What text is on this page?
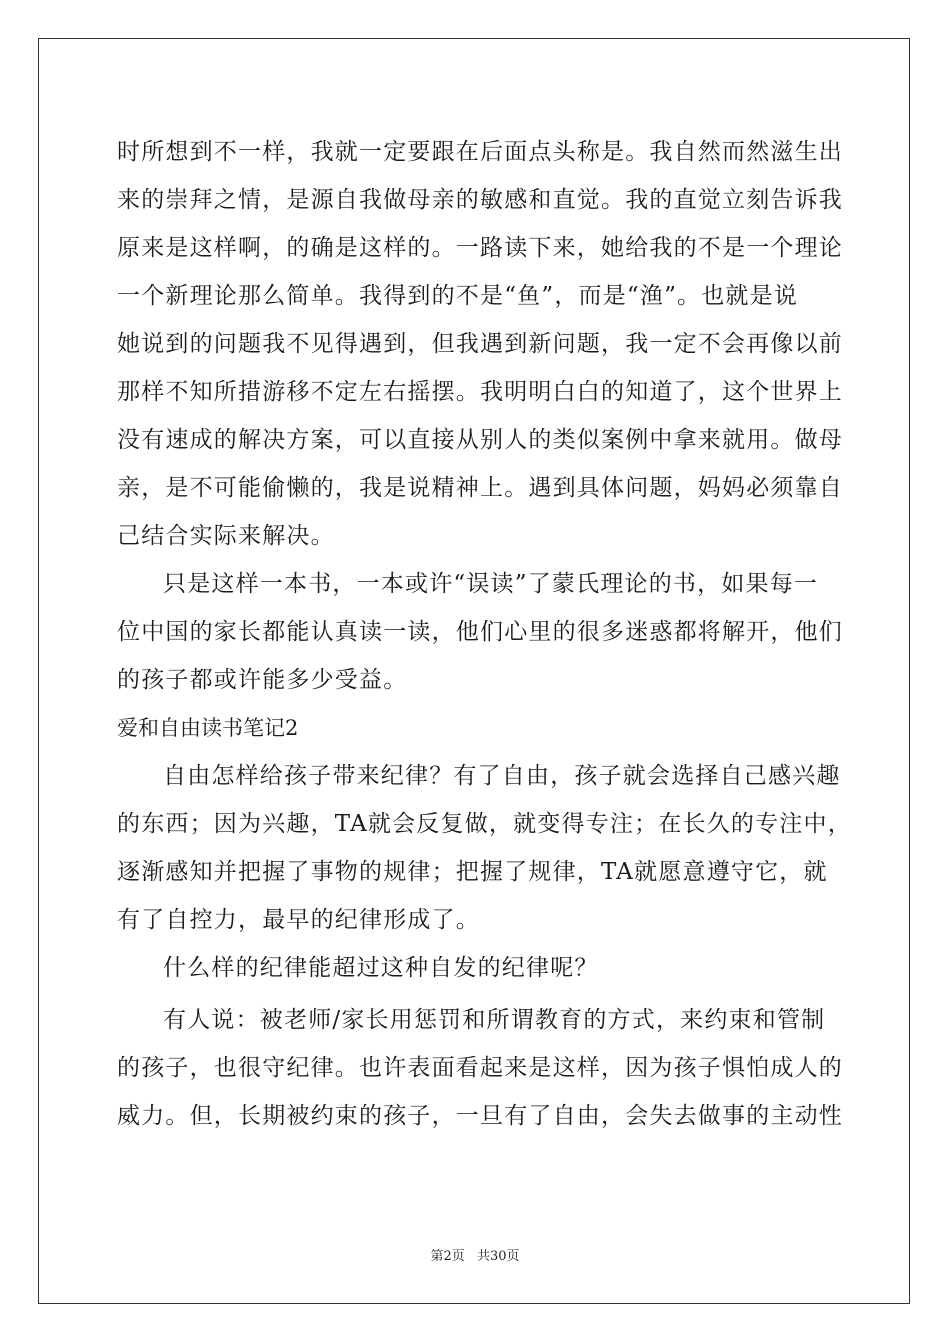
时所想到不一样，我就一定要跟在后面点头称是。我自然而然滋生出
来的崇拜之情，是源自我做母亲的敏感和直觉。我的直觉立刻告诉我
原来是这样啊，的确是这样的。一路读下来，她给我的不是一个理论
一个新理论那么简单。我得到的不是“鱼”，而是“渔”。也就是说
她说到的问题我不见得遇到，但我遇到新问题，我一定不会再像以前
那样不知所措游移不定左右摇摆。我明明白白的知道了，这个世界上
没有速成的解决方案，可以直接从别人的类似案例中拿来就用。做母
亲，是不可能偷懒的，我是说精神上。遇到具体问题，妈妈必须靠自
己结合实际来解决。
只是这样一本书，一本或许“误读”了蒙氏理论的书，如果每一
位中国的家长都能认真读一读，他们心里的很多迷惑都将解开，他们
的孩子都或许能多少受益。
爱和自由读书笔记2
自由怎样给孩子带来纪律？有了自由，孩子就会选择自己感兴趣
的东西；因为兴趣，TA就会反复做，就变得专注；在长久的专注中，
逐渐感知并把握了事物的规律；把握了规律，TA就愿意遵守它，就
有了自控力，最早的纪律形成了。
什么样的纪律能超过这种自发的纪律呢？
有人说：被老师/家长用惩罚和所谓教育的方式，来约束和管制
的孩子，也很守纪律。也许表面看起来是这样，因为孩子惧怕成人的
威力。但，长期被约束的孩子，一旦有了自由，会失去做事的主动性
第2页 共30页
